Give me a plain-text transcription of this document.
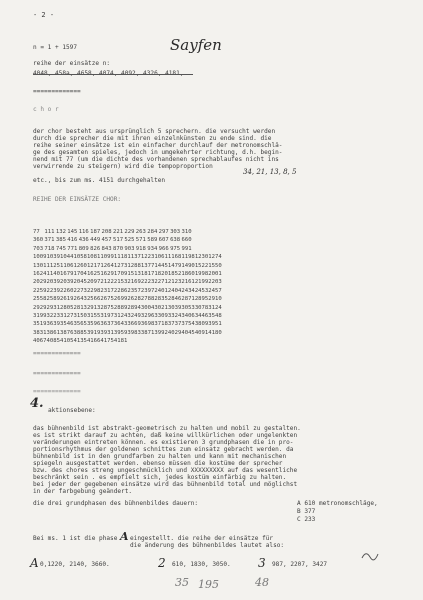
- 2 -
n = 1 + 1597	Sayfen
reihe der einsätze n:
=============
c h o r
der chor besteht aus ursprünglich 5 sprechern. die versucht werden
durch die sprecher die mit ihren einzelnkünsten zu ende sind. die
reihe seiner einsätze ist ein einfacher durchlauf der metronomschlä-
ge des gesamten spieles, jedoch in umgekehrter richtung, d.h. begin-
nend mit 77 (um die dichte des vorhandenen sprechablaufes nicht ins
verwirrende zu steigern) wird die tempoproportion
34, 21, 13, 8, 5
etc., bis zum ms. 4151 durchgehalten
REIHE DER EINSÄTZE CHOR:
77 111 132 145 116 187 208 221 229 263 284 297 303 310
360 371 385 416 436 449 457 517 525 571 589 607 638 660
703 718 745 771 809 826 843 870 903 918 934 966 975 991
1009 1039 1044 1058 1081 1099 1118 1137 1223 1061 1168 1198 1230 1274
1301 1125 1106 1260 1217 1264 1273 1288 1377 1445 1479 1490 1522 1550
1624 1140 1679 1704 1625 1629 1709 1513 1817 1820 1852 1860 1998 2001
2029 2039 2039 2045 2097 2122 2153 2169 2223 2271 2123 2161 2199 2203
2259 2239 2260 2273 2298 2317 2286 2357 2397 2401 2404 2434 2453 2457
2558 2589 2619 2643 2566 2675 2699 2628 2788 2835 2846 2871 2895 2910
2929 2931 2805 2813 2913 2875 2889 2894 3004 3021 3039 3053 3078 3124
3199 3223 3127 3150 3155 3197 3124 3249 3296 3309 3324 3406 3446 3548
3519 3639 3546 3565 3596 3637 3643 3669 3698 3718 3737 3754 3809 3951
3831 3861 3876 3885 3919 3931 3959 3983 3871 3992 4029 4045 4091 4180
4067 4085 4105 4135 4166 4175 4181
=============
=============
=============
4. aktionsebene:
das bühnenbild ist abstrakt-geometrisch zu halten und mobil zu gestalten.
es ist strikt darauf zu achten, daß keine willkürlichen oder ungelenkten
veränderungen eintreten können. es existieren 3 grundphasen die in pro-
portionsrhythmus der goldenen schnittes zum einsatz gebracht werden. da
bühnenbild ist in den grundfarben zu halten und kann mit mechanischen
spiegeln ausgestattet werden. ebenso müssen die kostüme der sprecher
bzw. des chores streng ungeschmücklich und XXXXXXXXX auf das wesentliche
beschränkt sein . es empfielt sich, jedes kostüm einfärbig zu halten.
bei jeder der gegebenen einsätze wird das bühnenbild total und möglichst
in der farbgebung geändert.
die drei grundphasen des bühnenbildes dauern:	A 610 metronomschläge,
B 377
C 233
Bei ms. 1 ist die phase A eingestellt. die reihe der einsätze für
die änderung des bühnenbildes lautet also:
A 0,1220, 2140, 3660.	2 610, 1830, 3050. 3 987, 2207, 3427
35 195	48
